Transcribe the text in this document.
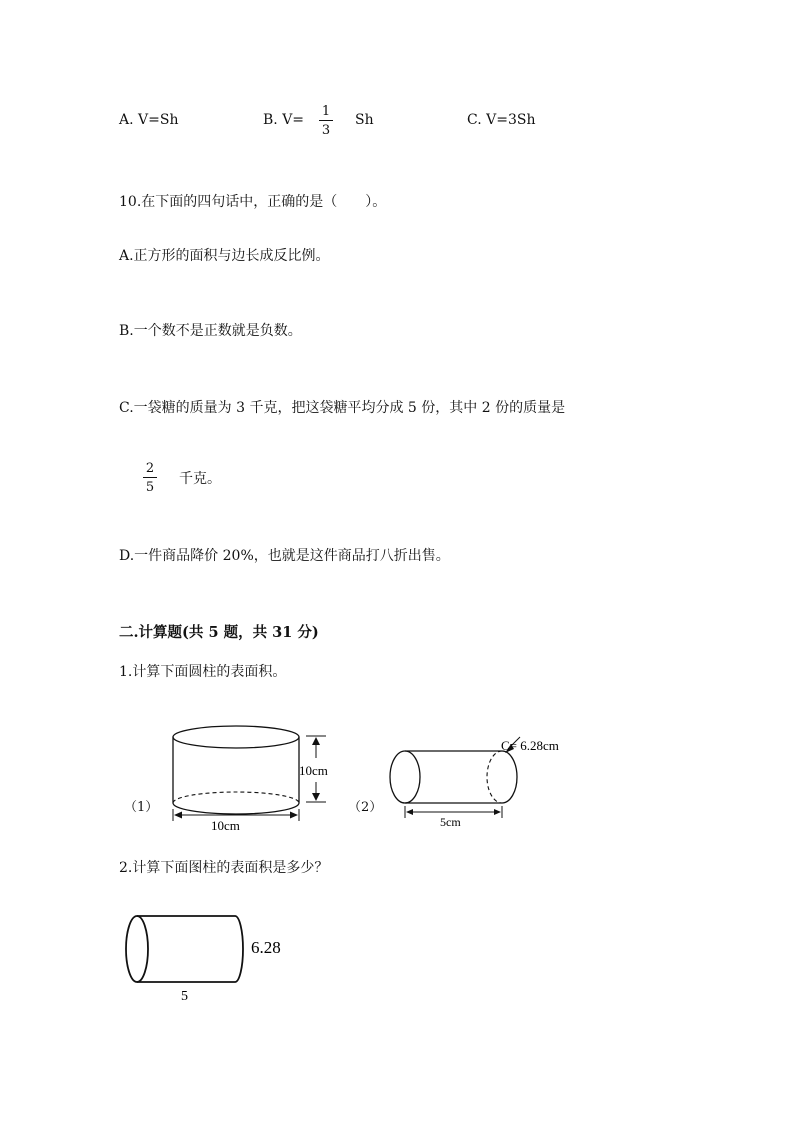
A. V=Sh	B. V=
1
3
Sh	C. V=3Sh
10.在下面的四句话中，正确的是（　　）。
A.正方形的面积与边长成反比例。
B.一个数不是正数就是负数。
C.一袋糖的质量为 3 千克，把这袋糖平均分成 5 份，其中 2 份的质量是
2
5
千克。
D.一件商品降价 20%，也就是这件商品打八折出售。
二.计算题(共 5 题，共 31 分)
1.计算下面圆柱的表面积。
（1）
10cm
10cm
（2）
C= 6.28cm
5cm
2.计算下面图柱的表面积是多少？
6.28
5
